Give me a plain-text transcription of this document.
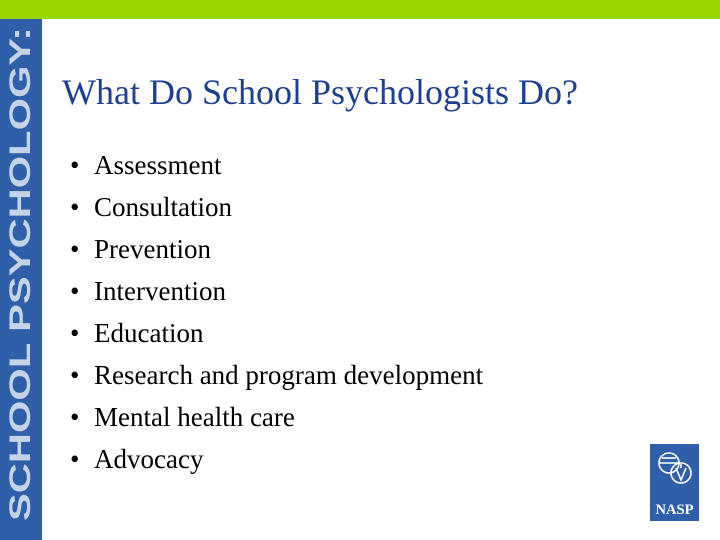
SCHOOL PSYCHOLOGY:
What Do School Psychologists Do?
• Assessment
• Consultation
• Prevention
• Intervention
• Education
• Research and program development
• Mental health care
• Advocacy
NASP
